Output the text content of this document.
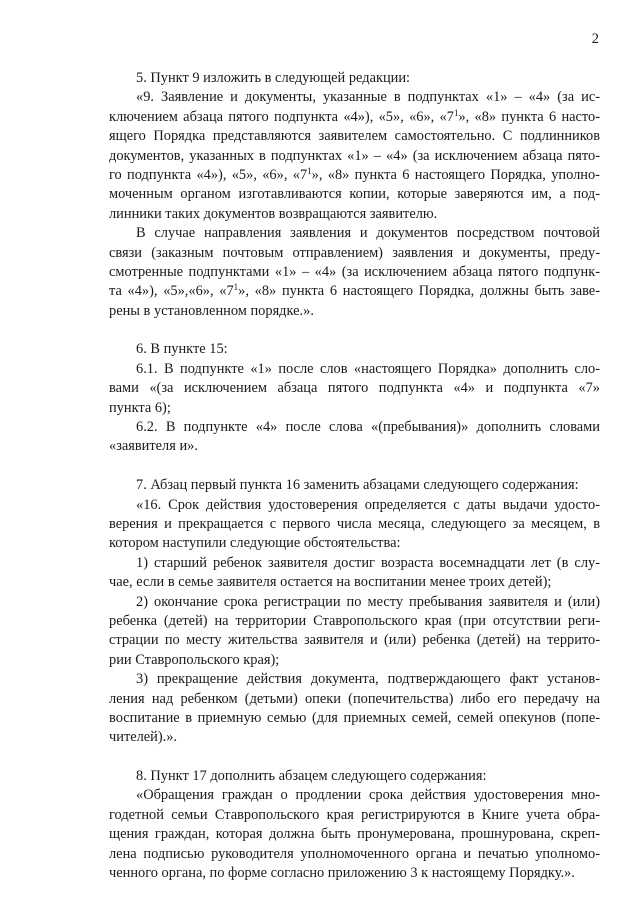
2
5. Пункт 9 изложить в следующей редакции:
«9. Заявление и документы, указанные в подпунктах «1» – «4» (за ис-
ключением абзаца пятого подпункта «4»), «5», «6», «$7^1$», «8» пункта 6 насто-
ящего Порядка представляются заявителем самостоятельно. С подлинников
документов, указанных в подпунктах «1» – «4» (за исключением абзаца пято-
го подпункта «4»), «5», «6», «$7^1$», «8» пункта 6 настоящего Порядка, уполно-
моченным органом изготавливаются копии, которые заверяются им, а под-
линники таких документов возвращаются заявителю.
В случае направления заявления и документов посредством почтовой
связи (заказным почтовым отправлением) заявления и документы, преду-
смотренные подпунктами «1» – «4» (за исключением абзаца пятого подпунк-
та «4»), «5»,«6», «$7^1$», «8» пункта 6 настоящего Порядка, должны быть заве-
рены в установленном порядке.».
6. В пункте 15:
6.1. В подпункте «1» после слов «настоящего Порядка» дополнить сло-
вами «(за исключением абзаца пятого подпункта «4» и подпункта «7»
пункта 6);
6.2. В подпункте «4» после слова «(пребывания)» дополнить словами
«заявителя и».
7. Абзац первый пункта 16 заменить абзацами следующего содержания:
«16. Срок действия удостоверения определяется с даты выдачи удосто-
верения и прекращается с первого числа месяца, следующего за месяцем, в
котором наступили следующие обстоятельства:
1) старший ребенок заявителя достиг возраста восемнадцати лет (в слу-
чае, если в семье заявителя остается на воспитании менее троих детей);
2) окончание срока регистрации по месту пребывания заявителя и (или)
ребенка (детей) на территории Ставропольского края (при отсутствии реги-
страции по месту жительства заявителя и (или) ребенка (детей) на террито-
рии Ставропольского края);
3) прекращение действия документа, подтверждающего факт установ-
ления над ребенком (детьми) опеки (попечительства) либо его передачу на
воспитание в приемную семью (для приемных семей, семей опекунов (попе-
чителей).».
8. Пункт 17 дополнить абзацем следующего содержания:
«Обращения граждан о продлении срока действия удостоверения мно-
годетной семьи Ставропольского края регистрируются в Книге учета обра-
щения граждан, которая должна быть пронумерована, прошнурована, скреп-
лена подписью руководителя уполномоченного органа и печатью уполномо-
ченного органа, по форме согласно приложению 3 к настоящему Порядку.».
